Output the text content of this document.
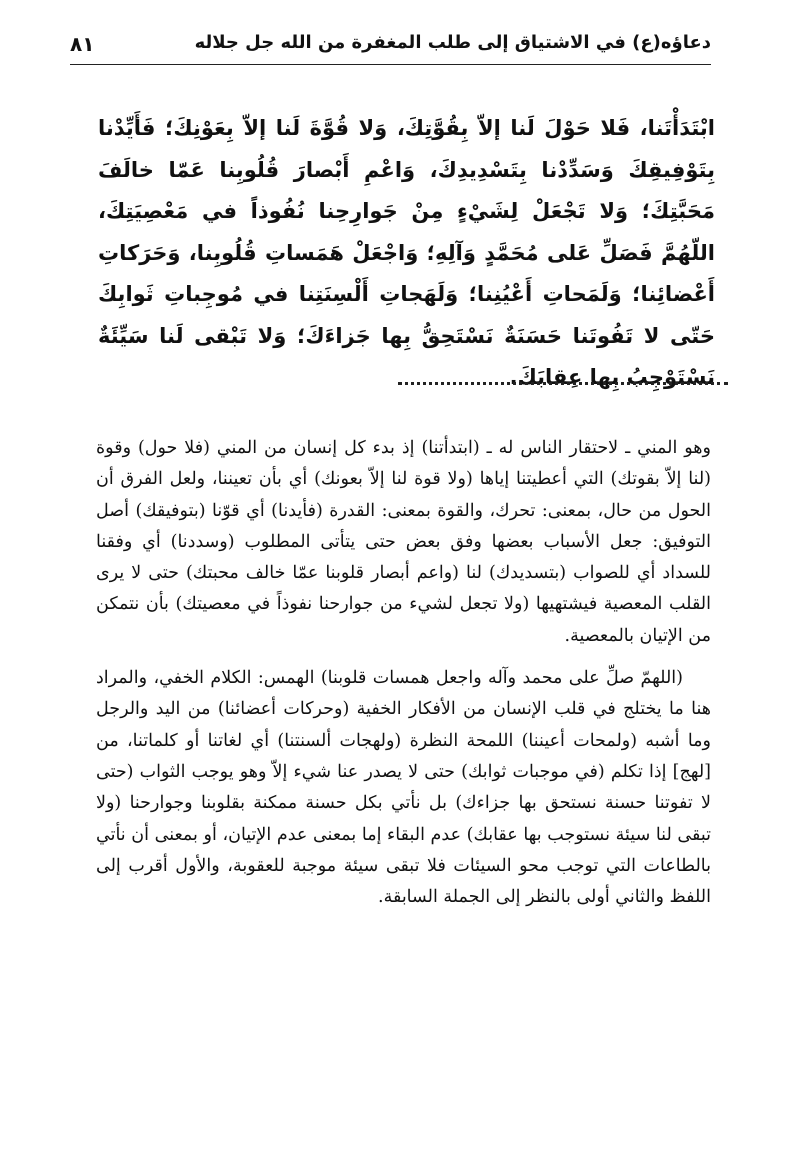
دعاؤه(ع) في الاشتياق إلى طلب المغفرة من الله جل جلاله
٨١
ابْتَدَأْتَنا، فَلا حَوْلَ لَنا إلاّ بِقُوَّتِكَ، وَلا قُوَّةَ لَنا إلاّ بِعَوْنِكَ؛ فَأَيِّدْنا بِتَوْفِيقِكَ وَسَدِّدْنا بِتَسْدِيدِكَ، وَاعْمِ أَبْصارَ قُلُوبِنا عَمّا خالَفَ مَحَبَّتِكَ؛ وَلا تَجْعَلْ لِشَيْءٍ مِنْ جَوارِحِنا نُفُوذاً في مَعْصِيَتِكَ، اللّهُمَّ فَصَلِّ عَلى مُحَمَّدٍ وَآلِهِ؛ وَاجْعَلْ هَمَساتِ قُلُوبِنا، وَحَرَكاتِ أَعْضائِنا؛ وَلَمَحاتِ أَعْيُنِنا؛ وَلَهَجاتِ أَلْسِنَتِنا في مُوجِباتِ ثَوابِكَ حَتّى لا تَفُوتَنا حَسَنَةٌ نَسْتَحِقُّ بِها جَزاءَكَ؛ وَلا تَبْقى لَنا سَيِّئَةٌ نَسْتَوْجِبُ بِها عِقابَكَ.

وهو المني ـ لاحتقار الناس له ـ (ابتدأتنا) إذ بدء كل إنسان من المني (فلا حول) وقوة (لنا إلاّ بقوتك) التي أعطيتنا إياها (ولا قوة لنا إلاّ بعونك) أي بأن تعيننا، ولعل الفرق أن الحول من حال، بمعنى: تحرك، والقوة بمعنى: القدرة (فأيدنا) أي قوّنا (بتوفيقك) أصل التوفيق: جعل الأسباب بعضها وفق بعض حتى يتأتى المطلوب (وسددنا) أي وفقنا للسداد أي للصواب (بتسديدك) لنا (واعم أبصار قلوبنا عمّا خالف محبتك) حتى لا يرى القلب المعصية فيشتهيها (ولا تجعل لشيء من جوارحنا نفوذاً في معصيتك) بأن نتمكن من الإتيان بالمعصية.

(اللهمّ صلِّ على محمد وآله واجعل همسات قلوبنا) الهمس: الكلام الخفي، والمراد هنا ما يختلج في قلب الإنسان من الأفكار الخفية (وحركات أعضائنا) من اليد والرجل وما أشبه (ولمحات أعيننا) اللمحة النظرة (ولهجات ألسنتنا) أي لغاتنا أو كلماتنا، من [لهج] إذا تكلم (في موجبات ثوابك) حتى لا يصدر عنا شيء إلاّ وهو يوجب الثواب (حتى لا تفوتنا حسنة نستحق بها جزاءك) بل نأتي بكل حسنة ممكنة بقلوبنا وجوارحنا (ولا تبقى لنا سيئة نستوجب بها عقابك) عدم البقاء إما بمعنى عدم الإتيان، أو بمعنى أن نأتي بالطاعات التي توجب محو السيئات فلا تبقى سيئة موجبة للعقوبة، والأول أقرب إلى اللفظ والثاني أولى بالنظر إلى الجملة السابقة.
